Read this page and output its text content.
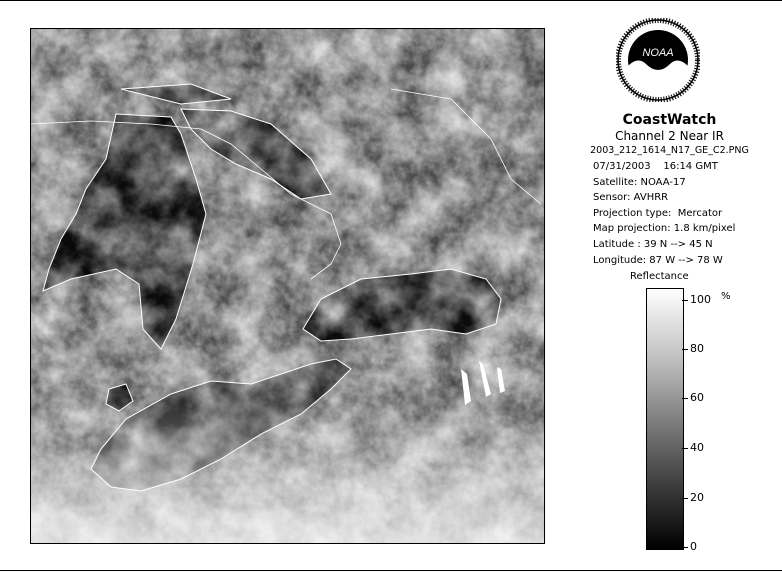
NOAA
CoastWatch
Channel 2 Near IR
2003_212_1614_N17_GE_C2.PNG
07/31/2003    16:14 GMT
Satellite: NOAA-17
Sensor: AVHRR
Projection type:  Mercator
Map projection: 1.8 km/pixel
Latitude : 39 N --> 45 N
Longitude: 87 W --> 78 W
Reflectance
100 %
80
60
40
20
0
